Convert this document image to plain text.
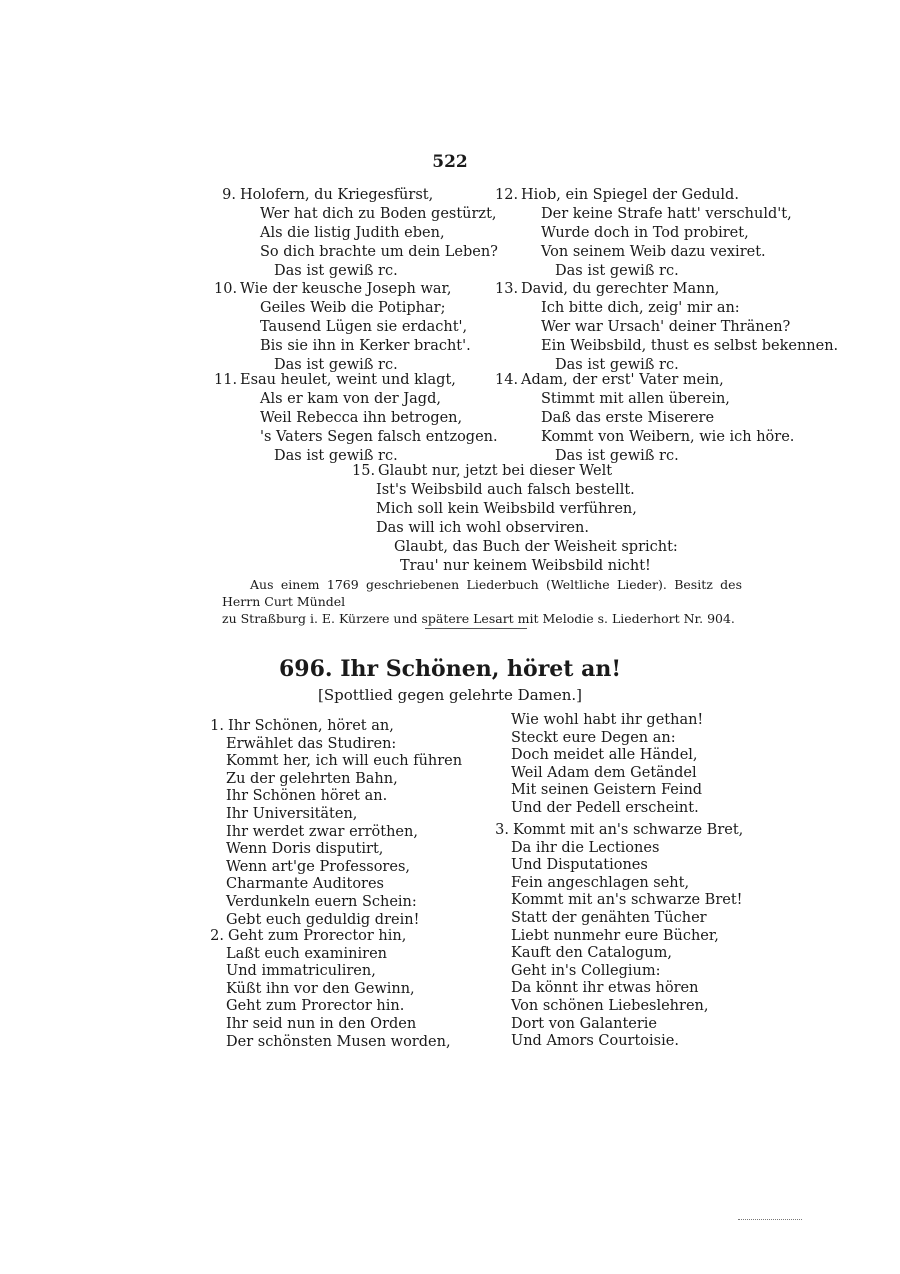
522
9. Holofern, du Kriegesfürst,
Wer hat dich zu Boden gestürzt,
Als die listig Judith eben,
So dich brachte um dein Leben?
Das ist gewiß rc.
10. Wie der keusche Joseph war,
Geiles Weib die Potiphar;
Tausend Lügen sie erdacht',
Bis sie ihn in Kerker bracht'.
Das ist gewiß rc.
11. Esau heulet, weint und klagt,
Als er kam von der Jagd,
Weil Rebecca ihn betrogen,
's Vaters Segen falsch entzogen.
Das ist gewiß rc.
12. Hiob, ein Spiegel der Geduld.
Der keine Strafe hatt' verschuld't,
Wurde doch in Tod probiret,
Von seinem Weib dazu vexiret.
Das ist gewiß rc.
13. David, du gerechter Mann,
Ich bitte dich, zeig' mir an:
Wer war Ursach' deiner Thränen?
Ein Weibsbild, thust es selbst bekennen.
Das ist gewiß rc.
14. Adam, der erst' Vater mein,
Stimmt mit allen überein,
Daß das erste Miserere
Kommt von Weibern, wie ich höre.
Das ist gewiß rc.
15. Glaubt nur, jetzt bei dieser Welt
Ist's Weibsbild auch falsch bestellt.
Mich soll kein Weibsbild verführen,
Das will ich wohl observiren.
Glaubt, das Buch der Weisheit spricht:
Trau' nur keinem Weibsbild nicht!
Aus einem 1769 geschriebenen Liederbuch (Weltliche Lieder). Besitz des Herrn Curt Mündel
zu Straßburg i. E. Kürzere und spätere Lesart mit Melodie s. Liederhort Nr. 904.
696. Ihr Schönen, höret an!
[Spottlied gegen gelehrte Damen.]
1. Ihr Schönen, höret an,
Erwählet das Studiren:
Kommt her, ich will euch führen
Zu der gelehrten Bahn,
Ihr Schönen höret an.
Ihr Universitäten,
Ihr werdet zwar erröthen,
Wenn Doris disputirt,
Wenn art'ge Professores,
Charmante Auditores
Verdunkeln euern Schein:
Gebt euch geduldig drein!
2. Geht zum Prorector hin,
Laßt euch examiniren
Und immatriculiren,
Küßt ihn vor den Gewinn,
Geht zum Prorector hin.
Ihr seid nun in den Orden
Der schönsten Musen worden,
Wie wohl habt ihr gethan!
Steckt eure Degen an:
Doch meidet alle Händel,
Weil Adam dem Getändel
Mit seinen Geistern Feind
Und der Pedell erscheint.
3. Kommt mit an's schwarze Bret,
Da ihr die Lectiones
Und Disputationes
Fein angeschlagen seht,
Kommt mit an's schwarze Bret!
Statt der genähten Tücher
Liebt nunmehr eure Bücher,
Kauft den Catalogum,
Geht in's Collegium:
Da könnt ihr etwas hören
Von schönen Liebeslehren,
Dort von Galanterie
Und Amors Courtoisie.
